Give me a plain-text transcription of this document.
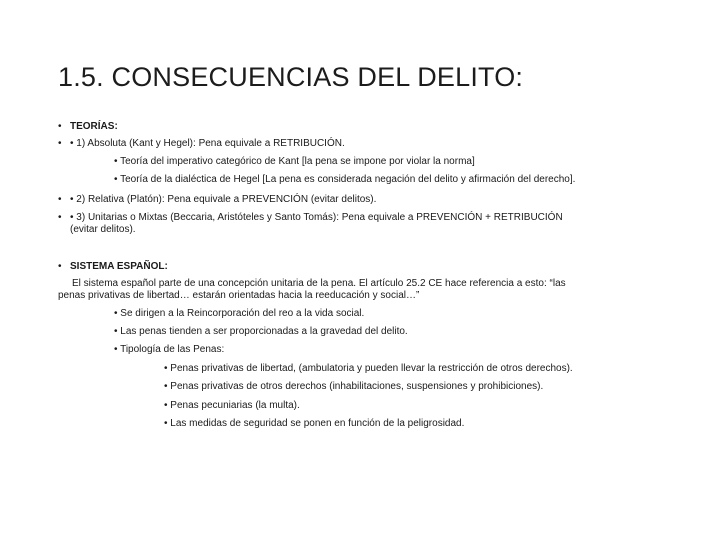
1.5. CONSECUENCIAS DEL DELITO:
• TEORÍAS:
• • 1) Absoluta (Kant y Hegel): Pena equivale a RETRIBUCIÓN.
• Teoría del imperativo categórico de Kant [la pena se impone por violar la norma]
• Teoría de la dialéctica de Hegel [La pena es considerada negación del delito y afirmación del derecho].
• • 2) Relativa (Platón): Pena equivale a PREVENCIÓN (evitar delitos).
• • 3) Unitarias o Mixtas (Beccaria, Aristóteles y Santo Tomás): Pena equivale a PREVENCIÓN + RETRIBUCIÓN
(evitar delitos).
• SISTEMA ESPAÑOL:
El sistema español parte de una concepción unitaria de la pena. El artículo 25.2 CE hace referencia a esto: “las
penas privativas de libertad… estarán orientadas hacia la reeducación y social…”
• Se dirigen a la Reincorporación del reo a la vida social.
• Las penas tienden a ser proporcionadas a la gravedad del delito.
• Tipología de las Penas:
• Penas privativas de libertad, (ambulatoria y pueden llevar la restricción de otros derechos).
• Penas privativas de otros derechos (inhabilitaciones, suspensiones y prohibiciones).
• Penas pecuniarias (la multa).
• Las medidas de seguridad se ponen en función de la peligrosidad.
